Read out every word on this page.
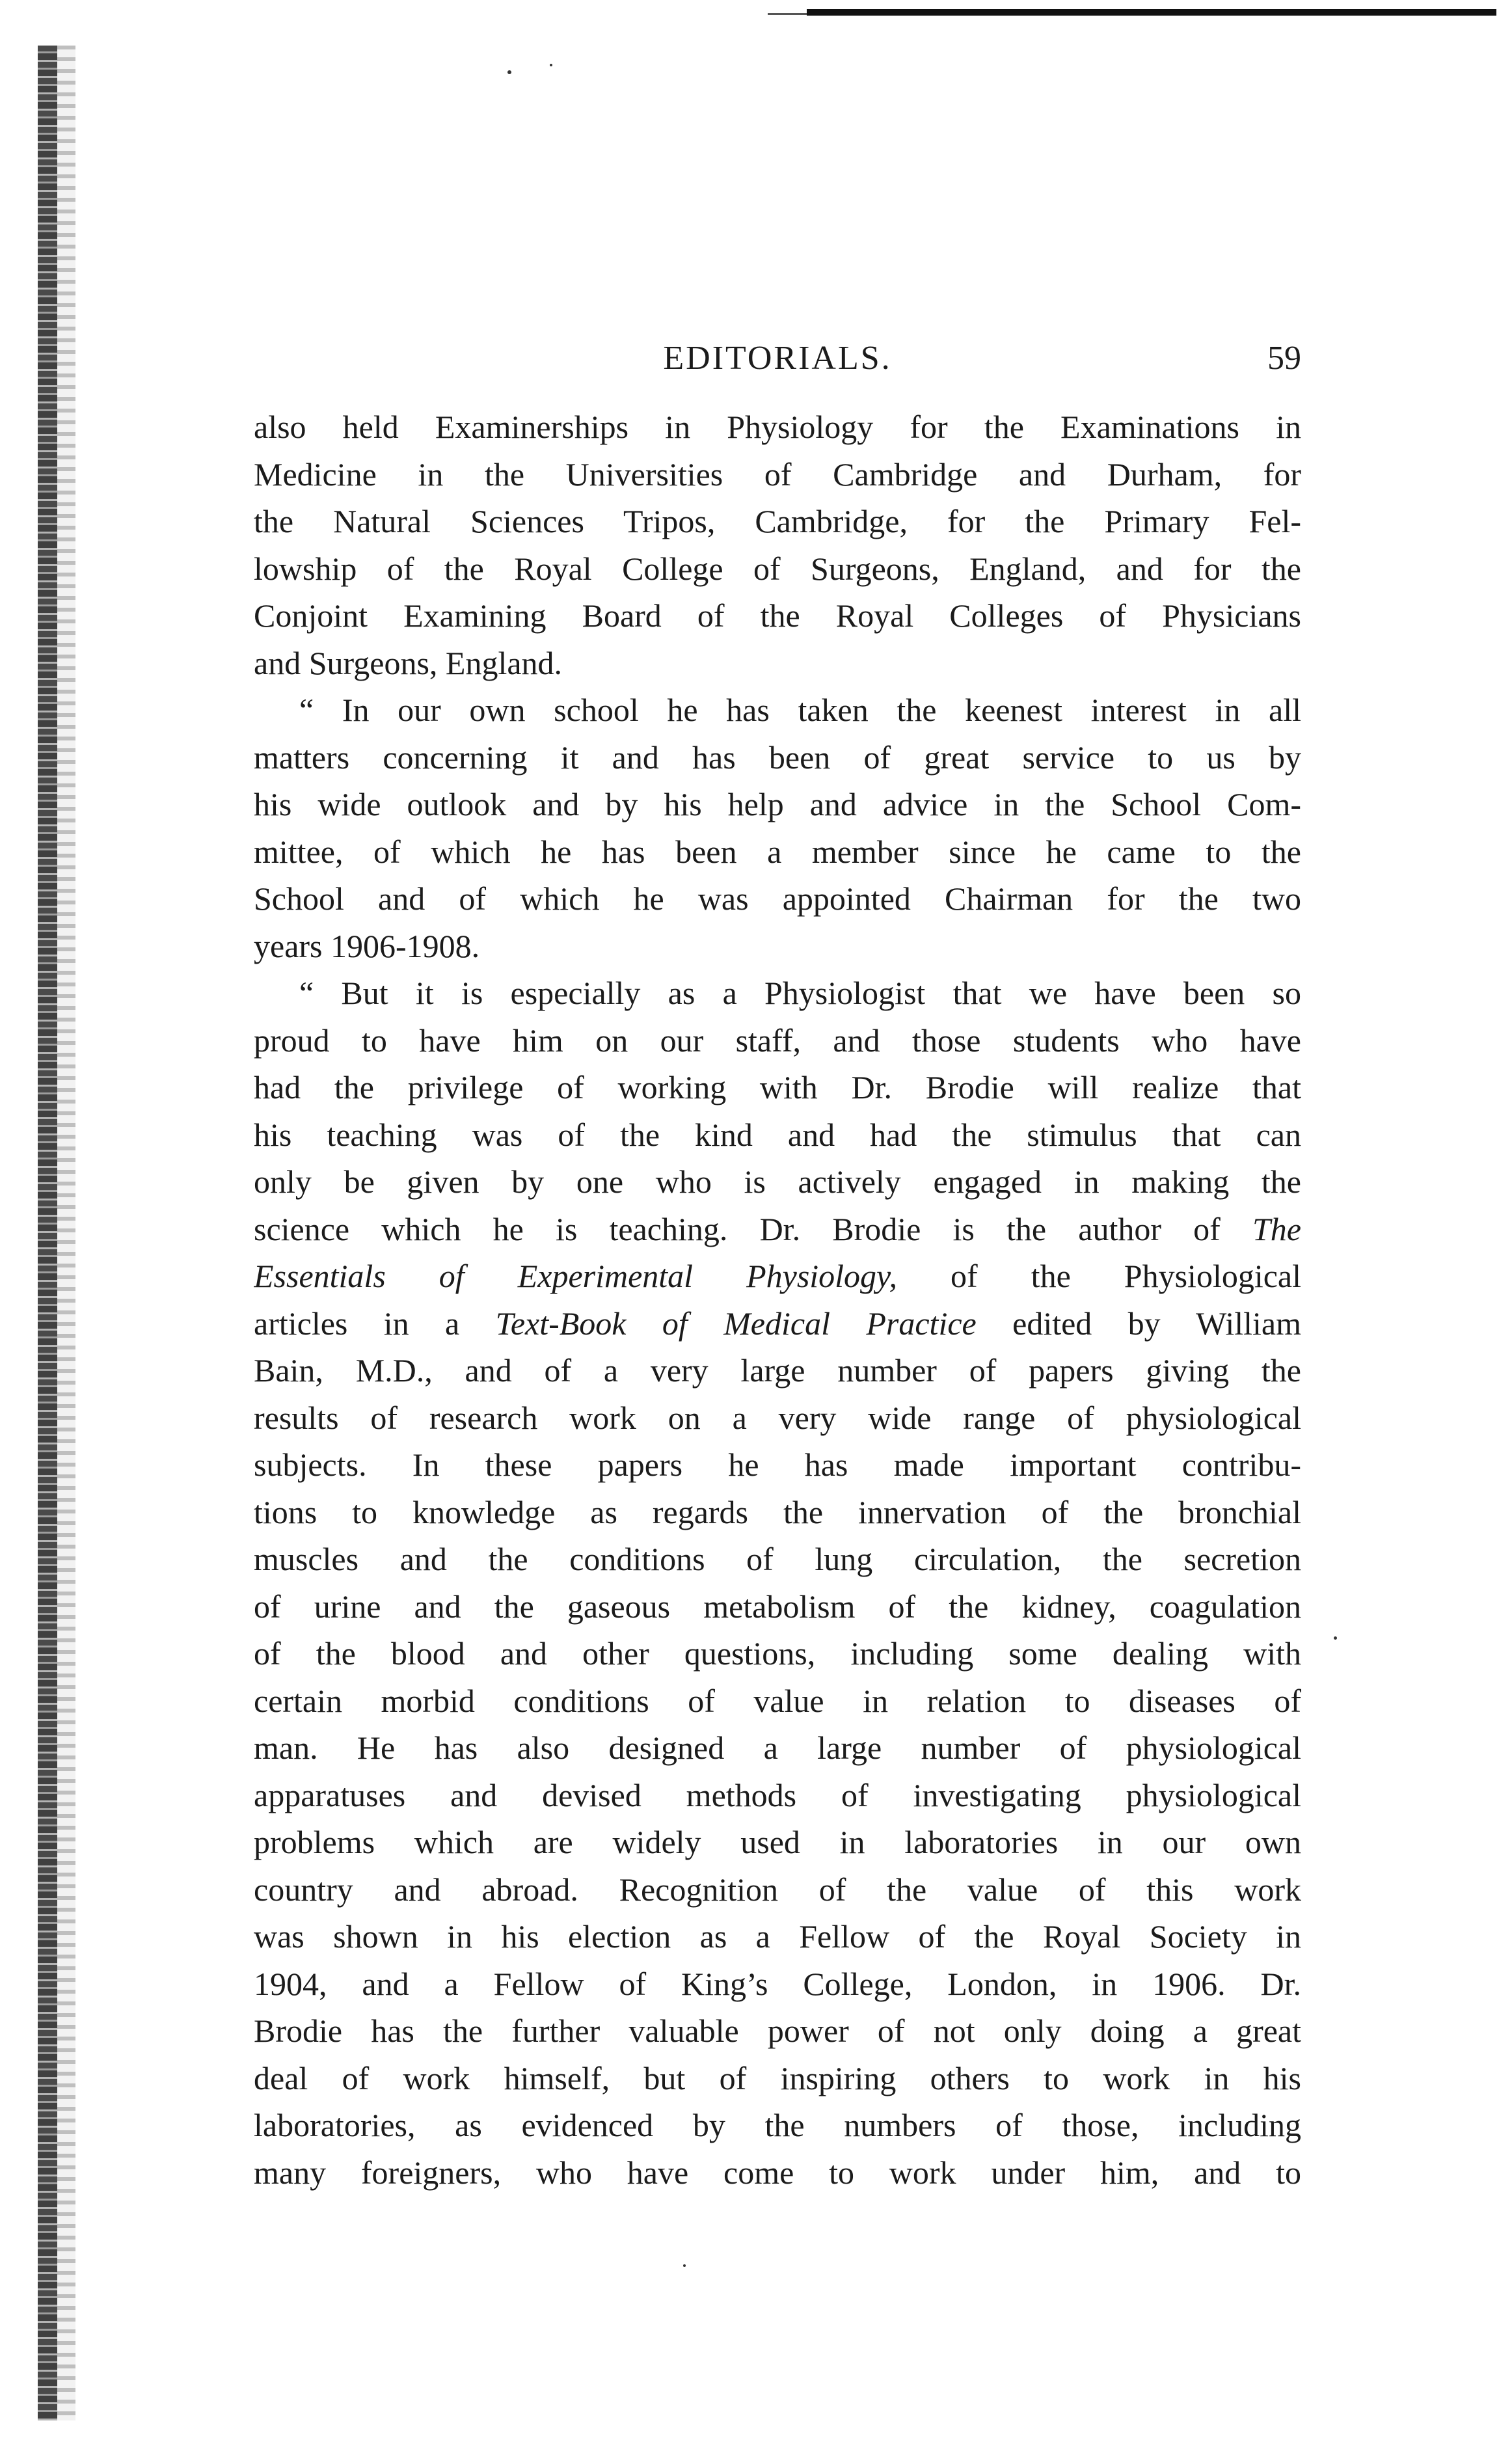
EDITORIALS.	59
also held Examinerships in Physiology for the Examinations in
Medicine in the Universities of Cambridge and Durham, for
the Natural Sciences Tripos, Cambridge, for the Primary Fel-
lowship of the Royal College of Surgeons, England, and for the
Conjoint Examining Board of the Royal Colleges of Physicians
and Surgeons, England.
“ In our own school he has taken the keenest interest in all
matters concerning it and has been of great service to us by
his wide outlook and by his help and advice in the School Com-
mittee, of which he has been a member since he came to the
School and of which he was appointed Chairman for the two
years 1906-1908.
“ But it is especially as a Physiologist that we have been so
proud to have him on our staff, and those students who have
had the privilege of working with Dr. Brodie will realize that
his teaching was of the kind and had the stimulus that can
only be given by one who is actively engaged in making the
science which he is teaching. Dr. Brodie is the author of The
Essentials of Experimental Physiology, of the Physiological
articles in a Text-Book of Medical Practice edited by William
Bain, M.D., and of a very large number of papers giving the
results of research work on a very wide range of physiological
subjects. In these papers he has made important contribu-
tions to knowledge as regards the innervation of the bronchial
muscles and the conditions of lung circulation, the secretion
of urine and the gaseous metabolism of the kidney, coagulation
of the blood and other questions, including some dealing with
certain morbid conditions of value in relation to diseases of
man. He has also designed a large number of physiological
apparatuses and devised methods of investigating physiological
problems which are widely used in laboratories in our own
country and abroad. Recognition of the value of this work
was shown in his election as a Fellow of the Royal Society in
1904, and a Fellow of King’s College, London, in 1906. Dr.
Brodie has the further valuable power of not only doing a great
deal of work himself, but of inspiring others to work in his
laboratories, as evidenced by the numbers of those, including
many foreigners, who have come to work under him, and to
